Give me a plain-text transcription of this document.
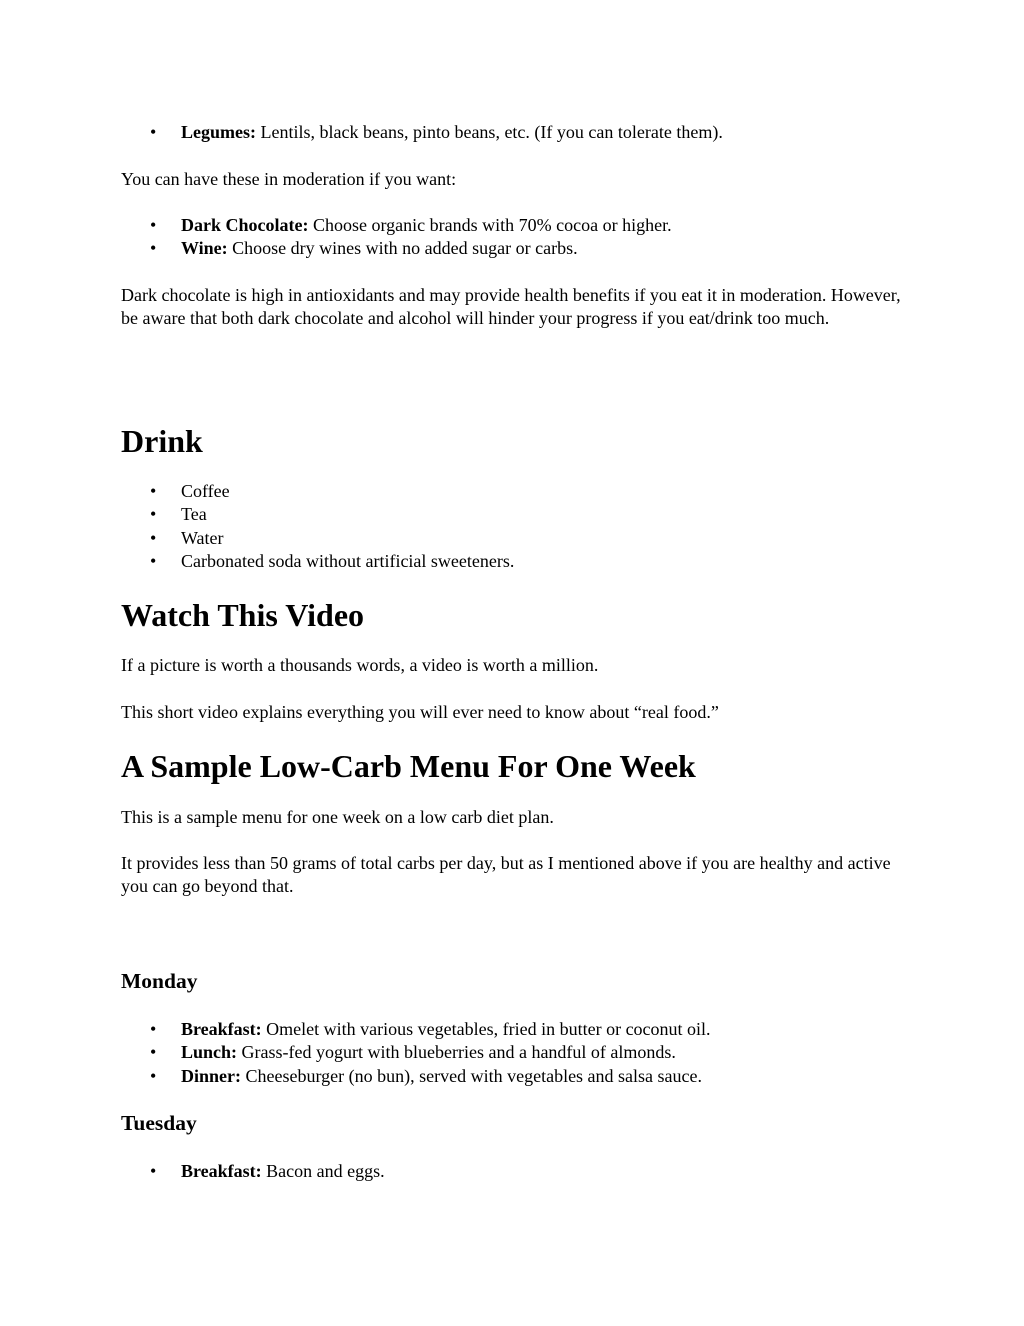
• Legumes: Lentils, black beans, pinto beans, etc. (If you can tolerate them).

You can have these in moderation if you want:

• Dark Chocolate: Choose organic brands with 70% cocoa or higher.
• Wine: Choose dry wines with no added sugar or carbs.

Dark chocolate is high in antioxidants and may provide health benefits if you eat it in moderation. However, be aware that both dark chocolate and alcohol will hinder your progress if you eat/drink too much.

Drink
• Coffee
• Tea
• Water
• Carbonated soda without artificial sweeteners.
Watch This Video

If a picture is worth a thousands words, a video is worth a million.

This short video explains everything you will ever need to know about “real food.”

A Sample Low-Carb Menu For One Week

This is a sample menu for one week on a low carb diet plan.

It provides less than 50 grams of total carbs per day, but as I mentioned above if you are healthy and active you can go beyond that.

Monday
• Breakfast: Omelet with various vegetables, fried in butter or coconut oil.
• Lunch: Grass-fed yogurt with blueberries and a handful of almonds.
• Dinner: Cheeseburger (no bun), served with vegetables and salsa sauce.
Tuesday
• Breakfast: Bacon and eggs.
